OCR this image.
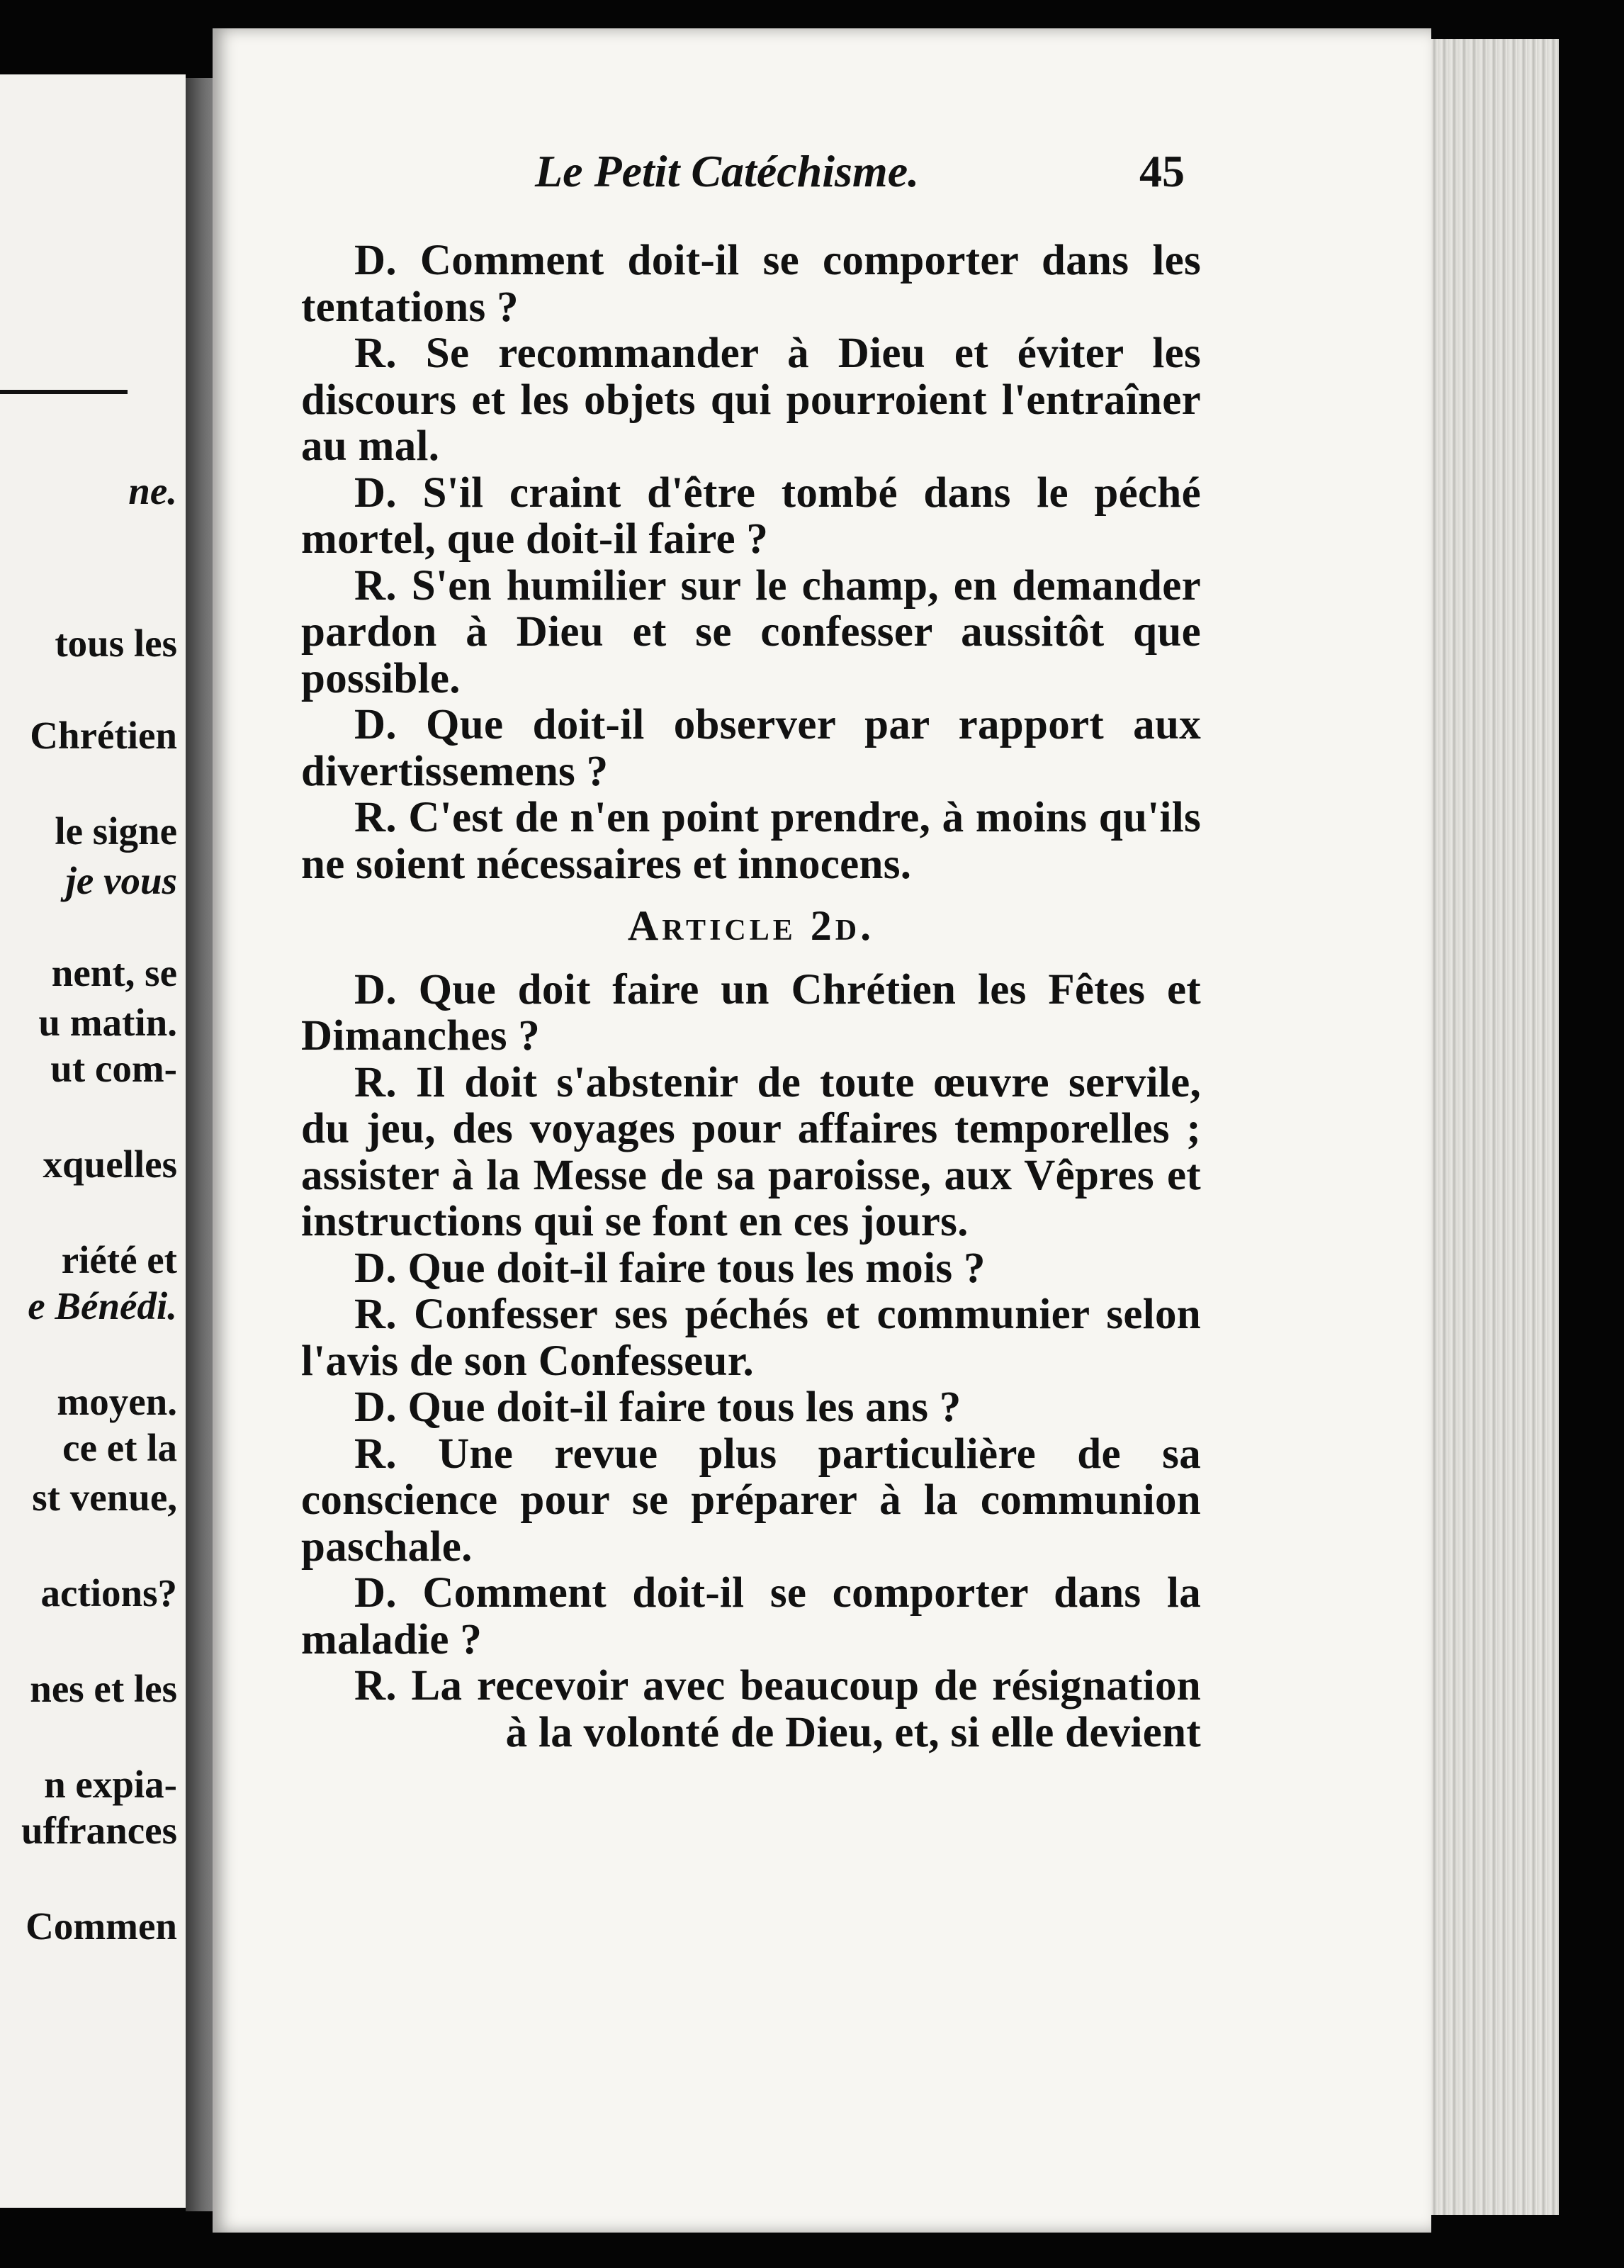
ne.
tous les
Chrétien
le signe
je vous
nent, se
u matin.
ut com-
xquelles
riété et
e Bénédi.
moyen.
ce et la
st venue,
actions?
nes et les
n expia-
uffrances
Commen
Le Petit Catéchisme.	45

D. Comment doit-il se comporter dans les tentations ?

R. Se recommander à Dieu et éviter les discours et les objets qui pourroient l'entraîner au mal.

D. S'il craint d'être tombé dans le péché mortel, que doit-il faire ?

R. S'en humilier sur le champ, en demander pardon à Dieu et se confesser aussitôt que possible.

D. Que doit-il observer par rapport aux divertissemens ?

R. C'est de n'en point prendre, à moins qu'ils ne soient nécessaires et innocens.

Article 2d.

D. Que doit faire un Chrétien les Fêtes et Dimanches ?

R. Il doit s'abstenir de toute œuvre servile, du jeu, des voyages pour affaires temporelles ; assister à la Messe de sa paroisse, aux Vêpres et instructions qui se font en ces jours.

D. Que doit-il faire tous les mois ?

R. Confesser ses péchés et communier selon l'avis de son Confesseur.

D. Que doit-il faire tous les ans ?

R. Une revue plus particulière de sa conscience pour se préparer à la communion paschale.

D. Comment doit-il se comporter dans la maladie ?

R. La recevoir avec beaucoup de résignation à la volonté de Dieu, et, si elle devient
